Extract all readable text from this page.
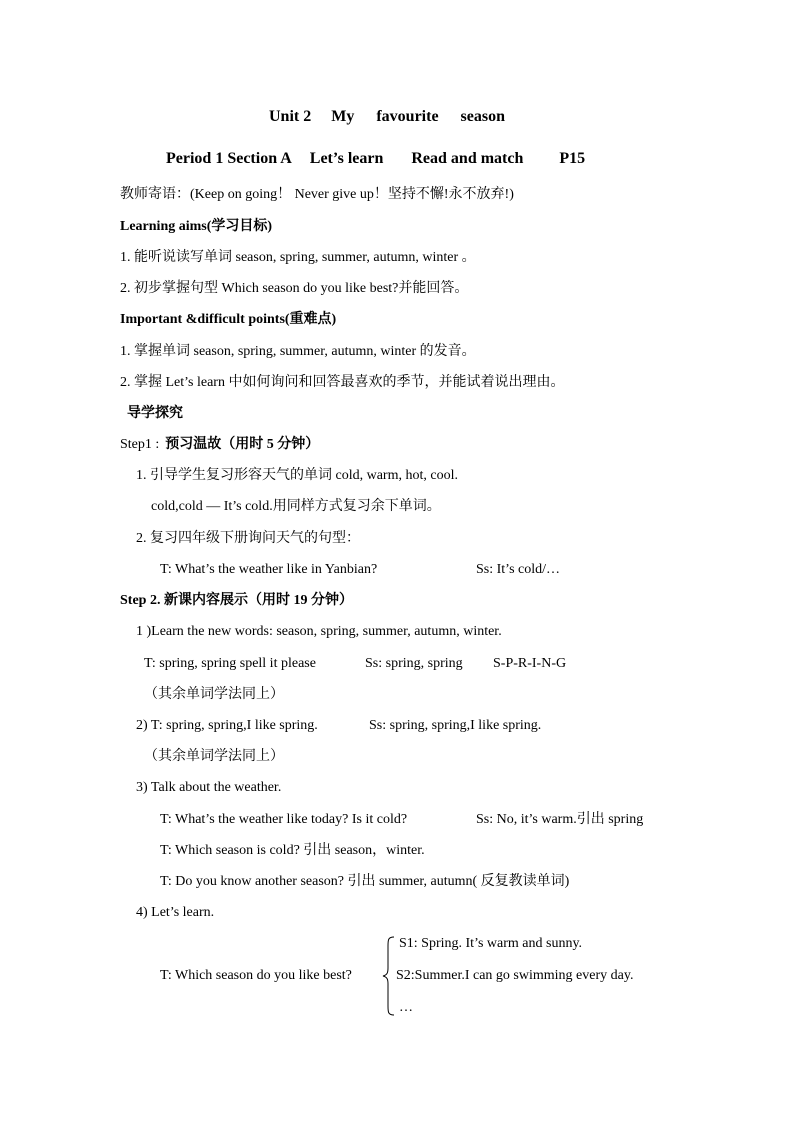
Unit 2 My favourite season
Period 1 Section A Let’s learn Read and match P15
教师寄语：(Keep on going！ Never give up！坚持不懈!永不放弃!)
Learning aims(学习目标)
1. 能听说读写单词 season, spring, summer, autumn, winter 。
2. 初步掌握句型 Which season do you like best?并能回答。
Important &difficult points(重难点)
1. 掌握单词 season, spring, summer, autumn, winter 的发音。
2. 掌握 Let’s learn 中如何询问和回答最喜欢的季节，并能试着说出理由。
导学探究
Step1 : 预习温故（用时 5 分钟）
1. 引导学生复习形容天气的单词 cold, warm, hot, cool.
cold,cold — It’s cold.用同样方式复习余下单词。
2. 复习四年级下册询问天气的句型：
T: What’s the weather like in Yanbian?	Ss: It’s cold/…
Step 2. 新课内容展示（用时 19 分钟）
1 )Learn the new words: season, spring, summer, autumn, winter.
T: spring, spring spell it please	Ss: spring, spring S-P-R-I-N-G
（其余单词学法同上）
2) T: spring, spring,I like spring.	Ss: spring, spring,I like spring.
（其余单词学法同上）
3) Talk about the weather.
T: What’s the weather like today? Is it cold?	Ss: No, it’s warm.引出 spring
T: Which season is cold? 引出 season，winter.
T: Do you know another season? 引出 summer, autumn( 反复教读单词)
4) Let’s learn.
T: Which season do you like best?
S1: Spring. It’s warm and sunny.
S2:Summer.I can go swimming every day.
…
